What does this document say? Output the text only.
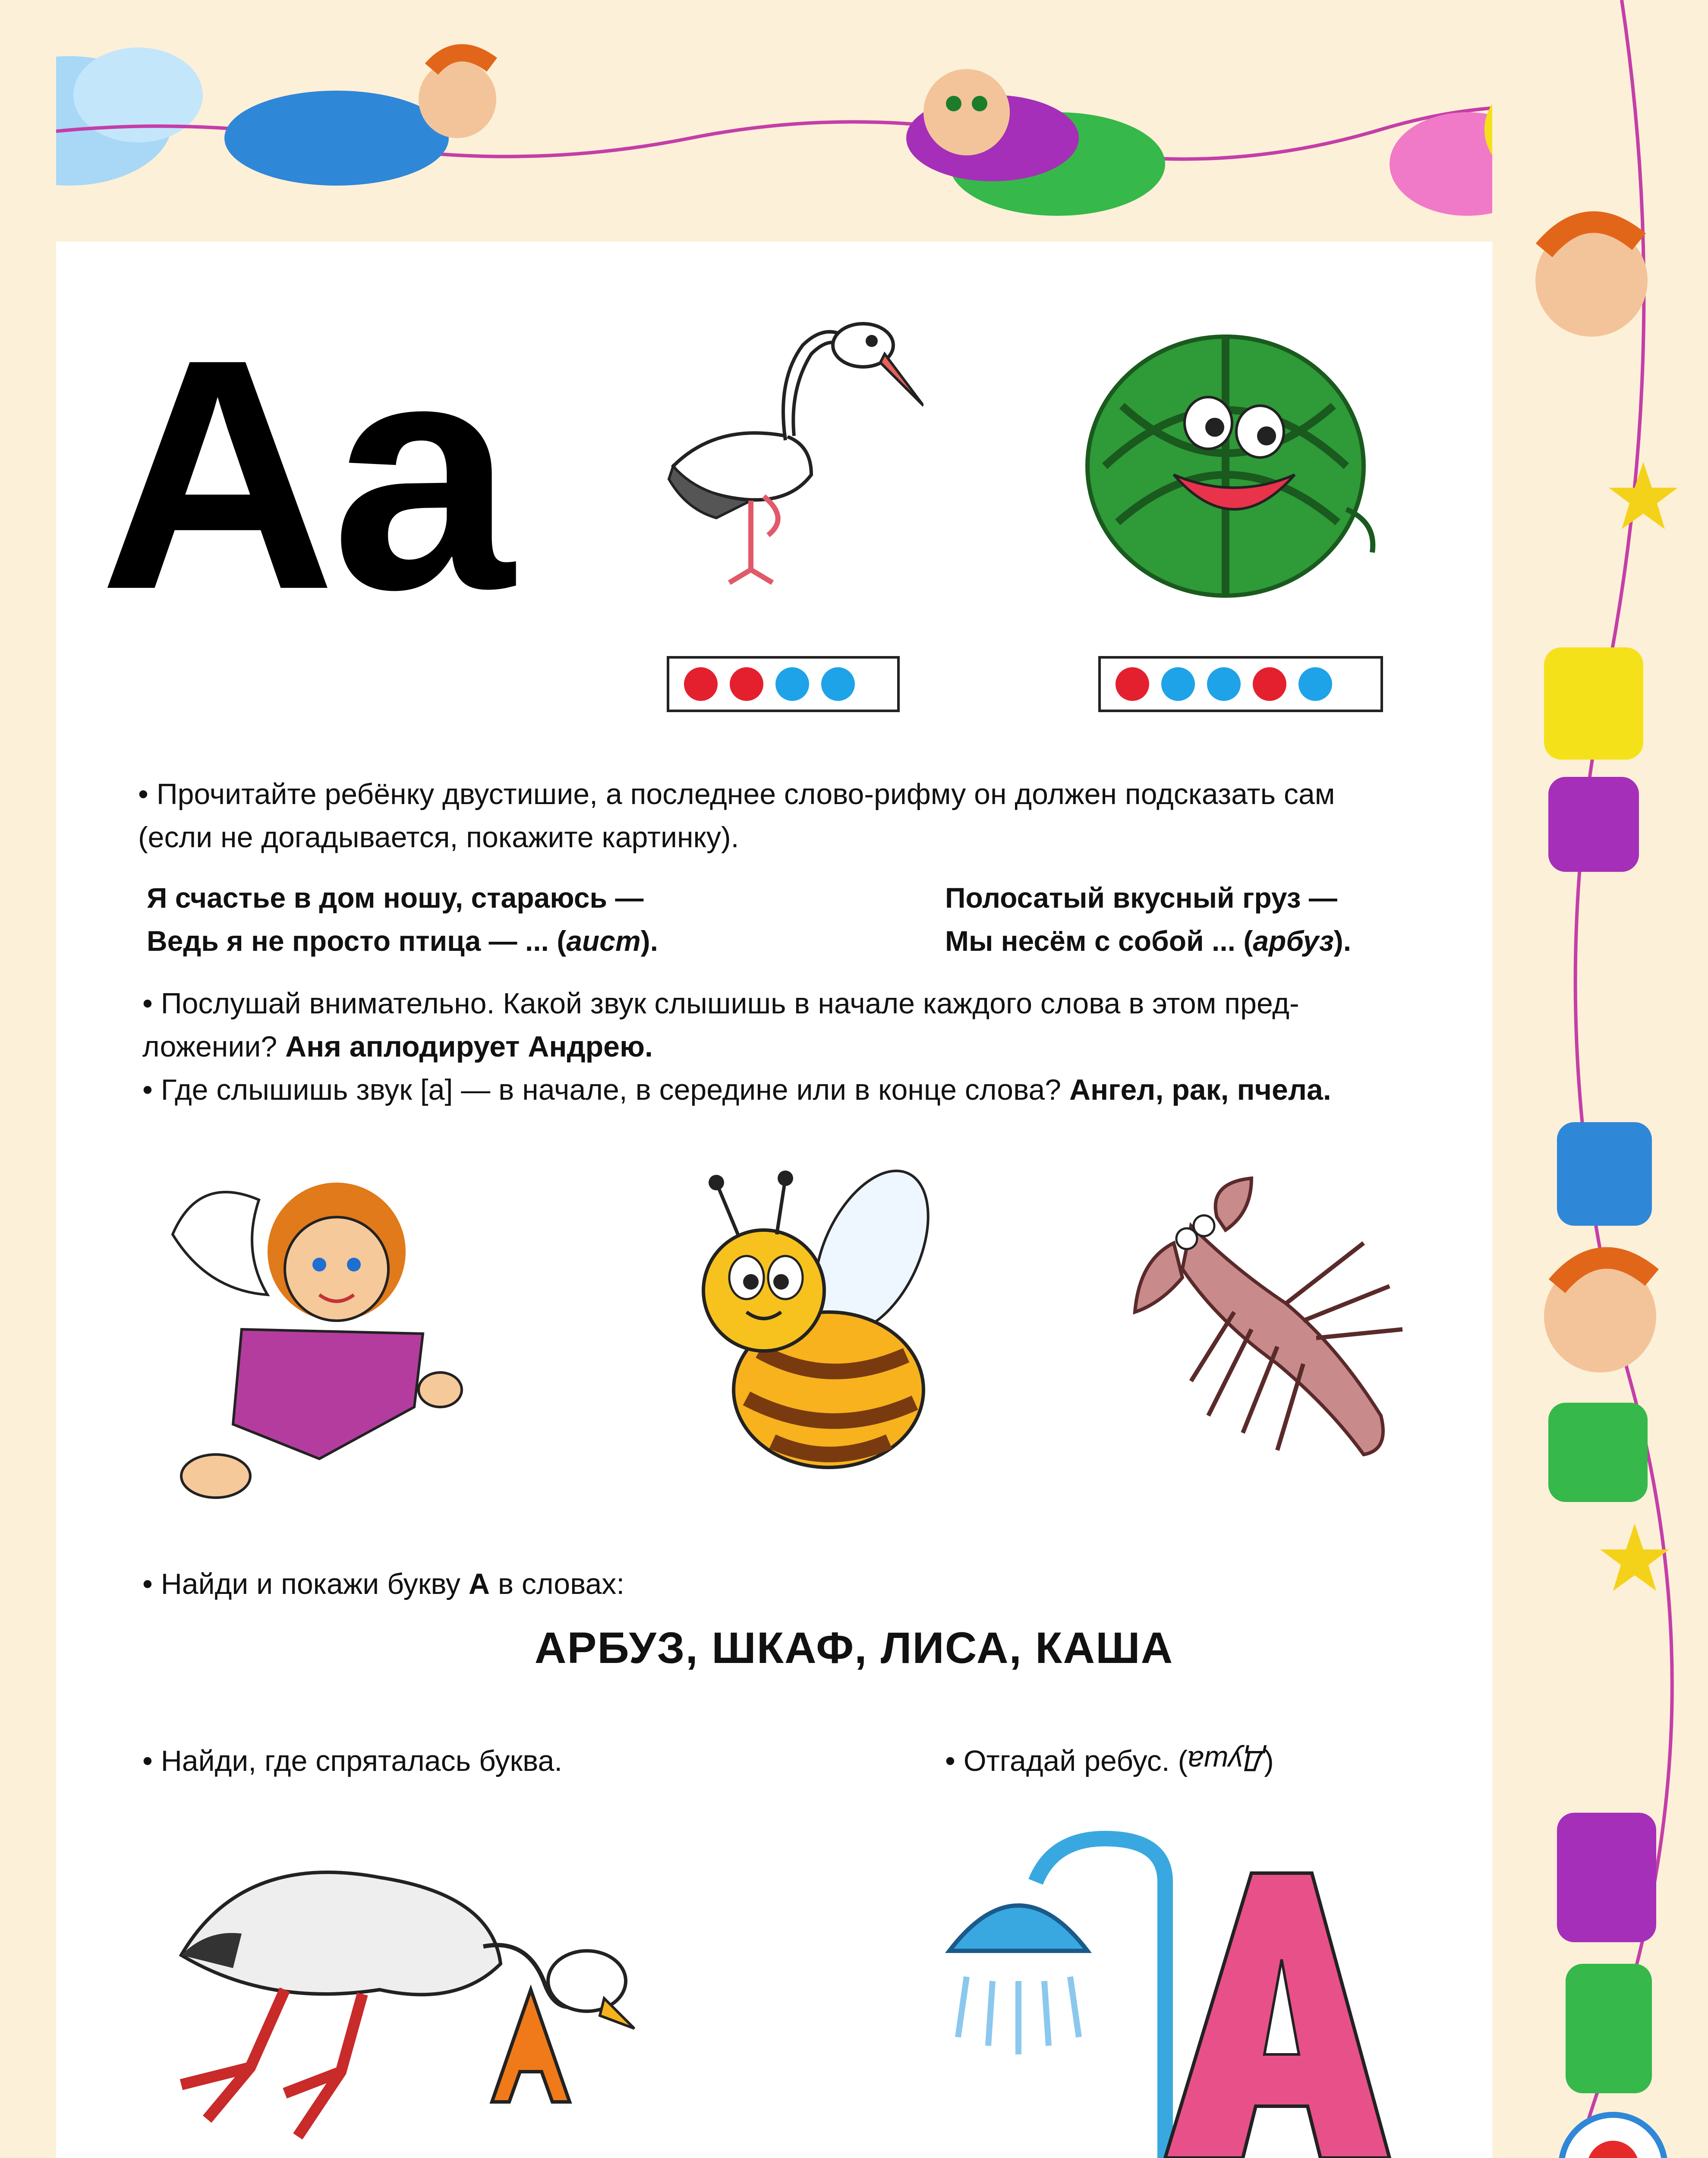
Аа
• Прочитайте ребёнку двустишие, а последнее слово-рифму он должен подсказать сам
(если не догадывается, покажите картинку).
Я счастье в дом ношу, стараюсь —
Ведь я не просто птица — ... (аист).
Полосатый вкусный груз —
Мы несём с собой ... (арбуз).
• Послушай внимательно. Какой звук слышишь в начале каждого слова в этом пред-
ложении? Аня аплодирует Андрею.
• Где слышишь звук [а] — в начале, в середине или в конце слова? Ангел, рак, пчела.
• Найди и покажи букву А в словах:
АРБУЗ, ШКАФ, ЛИСА, КАША
• Найди, где спряталась буква.	• Отгадай ребус. (Душа)
